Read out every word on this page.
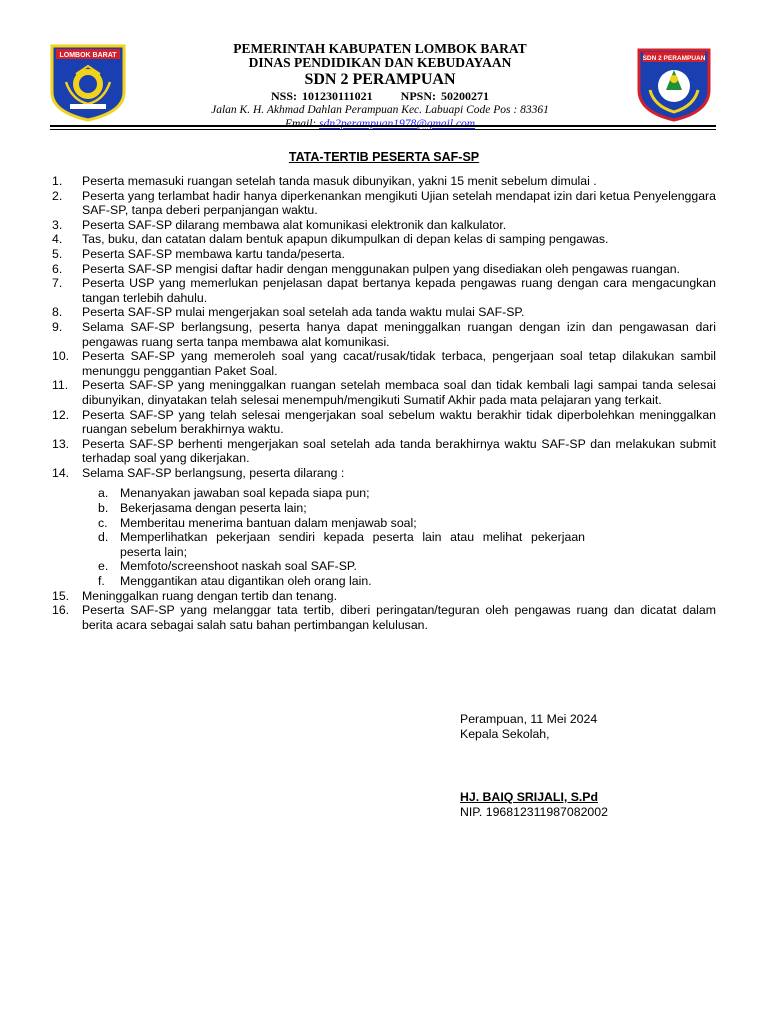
LOMBOK BARAT	SDN 2 PERAMPUAN
PEMERINTAH KABUPATEN LOMBOK BARAT
DINAS PENDIDIKAN DAN KEBUDAYAAN
SDN 2 PERAMPUAN
NSS: 101230111021 NPSN: 50200271
Jalan K. H. Akhmad Dahlan Perampuan Kec. Labuapi Code Pos : 83361
Email: sdn2perampuan1978@gmail.com
TATA-TERTIB PESERTA SAF-SP
1.	Peserta memasuki ruangan setelah tanda masuk dibunyikan, yakni 15 menit sebelum dimulai .
2.	Peserta yang terlambat hadir hanya diperkenankan mengikuti Ujian setelah mendapat izin dari ketua Penyelenggara SAF-SP, tanpa deberi perpanjangan waktu.
3.	Peserta SAF-SP dilarang membawa alat komunikasi elektronik dan kalkulator.
4.	Tas, buku, dan catatan dalam bentuk apapun dikumpulkan di depan kelas di samping pengawas.
5.	Peserta SAF-SP membawa kartu tanda/peserta.
6.	Peserta SAF-SP mengisi daftar hadir dengan menggunakan pulpen yang disediakan oleh pengawas ruangan.
7.	Peserta USP yang memerlukan penjelasan dapat bertanya kepada pengawas ruang dengan cara mengacungkan tangan terlebih dahulu.
8.	Peserta SAF-SP mulai mengerjakan soal setelah ada tanda waktu mulai SAF-SP.
9.	Selama SAF-SP berlangsung, peserta hanya dapat meninggalkan ruangan dengan izin dan pengawasan dari pengawas ruang serta tanpa membawa alat komunikasi.
10.	Peserta SAF-SP yang memeroleh soal yang cacat/rusak/tidak terbaca, pengerjaan soal tetap dilakukan sambil menunggu penggantian Paket Soal.
11.	Peserta SAF-SP yang meninggalkan ruangan setelah membaca soal dan tidak kembali lagi sampai tanda selesai dibunyikan, dinyatakan telah selesai menempuh/mengikuti Sumatif Akhir pada mata pelajaran yang terkait.
12.	Peserta SAF-SP yang telah selesai mengerjakan soal sebelum waktu berakhir tidak diperbolehkan meninggalkan ruangan sebelum berakhirnya waktu.
13.	Peserta SAF-SP berhenti mengerjakan soal setelah ada tanda berakhirnya waktu SAF-SP dan melakukan submit terhadap soal yang dikerjakan.
14.	Selama SAF-SP berlangsung, peserta dilarang :
a. Menanyakan jawaban soal kepada siapa pun;
b. Bekerjasama dengan peserta lain;
c.	Memberitau menerima bantuan dalam menjawab soal;
d. Memperlihatkan pekerjaan sendiri kepada peserta lain atau melihat pekerjaan peserta lain;
e. Memfoto/screenshoot naskah soal SAF-SP.
f.	Menggantikan atau digantikan oleh orang lain.
15.	Meninggalkan ruang dengan tertib dan tenang.
16.	Peserta SAF-SP yang melanggar tata tertib, diberi peringatan/teguran oleh pengawas ruang dan dicatat dalam berita acara sebagai salah satu bahan pertimbangan kelulusan.
Perampuan, 11 Mei 2024
Kepala Sekolah,
HJ. BAIQ SRIJALI, S.Pd
NIP. 196812311987082002
